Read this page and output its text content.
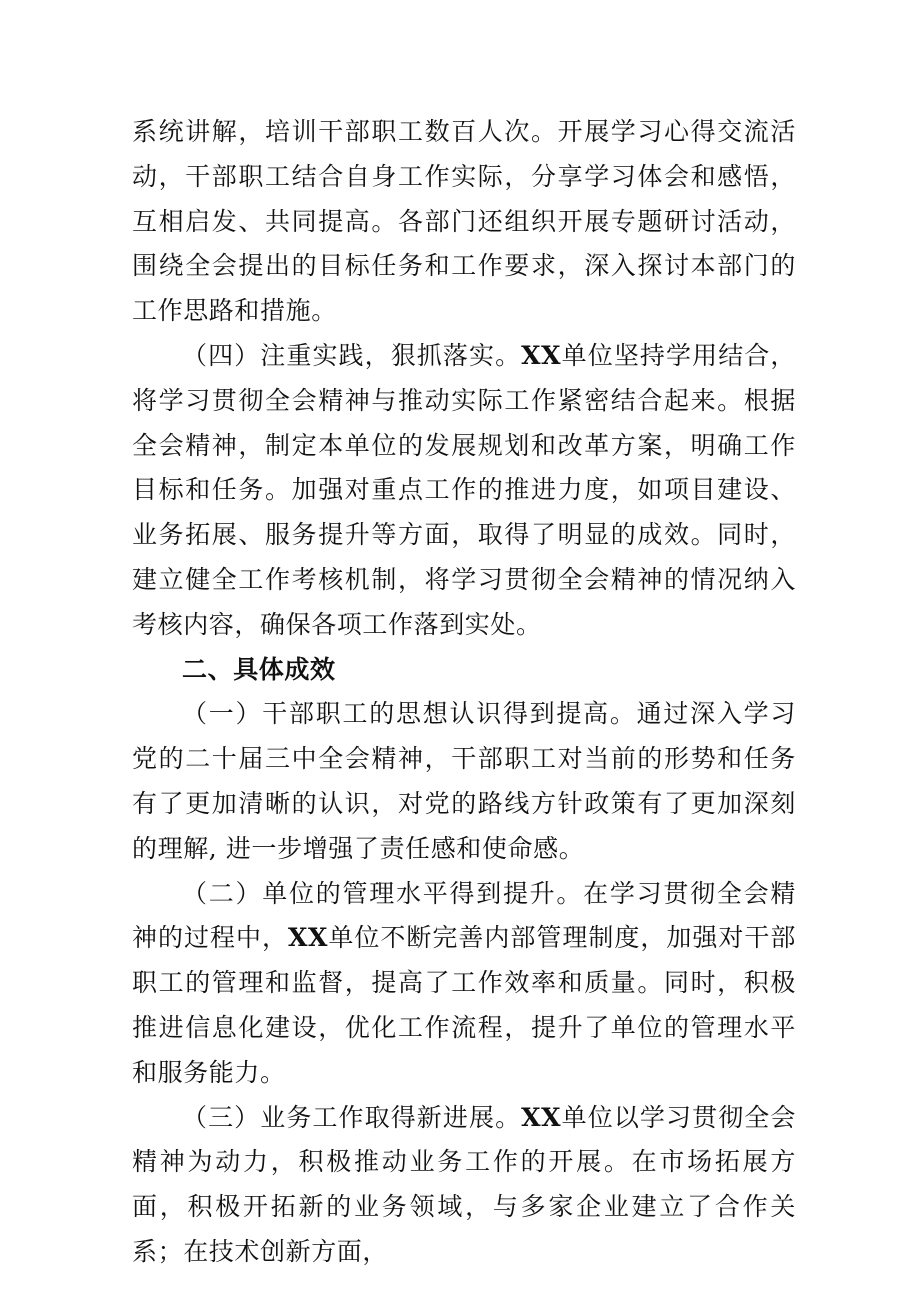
系统讲解，培训干部职工数百人次。开展学习心得交流活动，干部职工结合自身工作实际，分享学习体会和感悟，互相启发、共同提高。各部门还组织开展专题研讨活动，围绕全会提出的目标任务和工作要求，深入探讨本部门的工作思路和措施。

（四）注重实践，狠抓落实。XX单位坚持学用结合，将学习贯彻全会精神与推动实际工作紧密结合起来。根据全会精神，制定本单位的发展规划和改革方案，明确工作目标和任务。加强对重点工作的推进力度，如项目建设、业务拓展、服务提升等方面，取得了明显的成效。同时，建立健全工作考核机制，将学习贯彻全会精神的情况纳入考核内容，确保各项工作落到实处。

二、具体成效

（一）干部职工的思想认识得到提高。通过深入学习党的二十届三中全会精神，干部职工对当前的形势和任务有了更加清晰的认识，对党的路线方针政策有了更加深刻的理解, 进一步增强了责任感和使命感。

（二）单位的管理水平得到提升。在学习贯彻全会精神的过程中，XX单位不断完善内部管理制度，加强对干部职工的管理和监督，提高了工作效率和质量。同时，积极推进信息化建设，优化工作流程，提升了单位的管理水平和服务能力。

（三）业务工作取得新进展。XX单位以学习贯彻全会精神为动力，积极推动业务工作的开展。在市场拓展方面，积极开拓新的业务领域，与多家企业建立了合作关系；在技术创新方面，
